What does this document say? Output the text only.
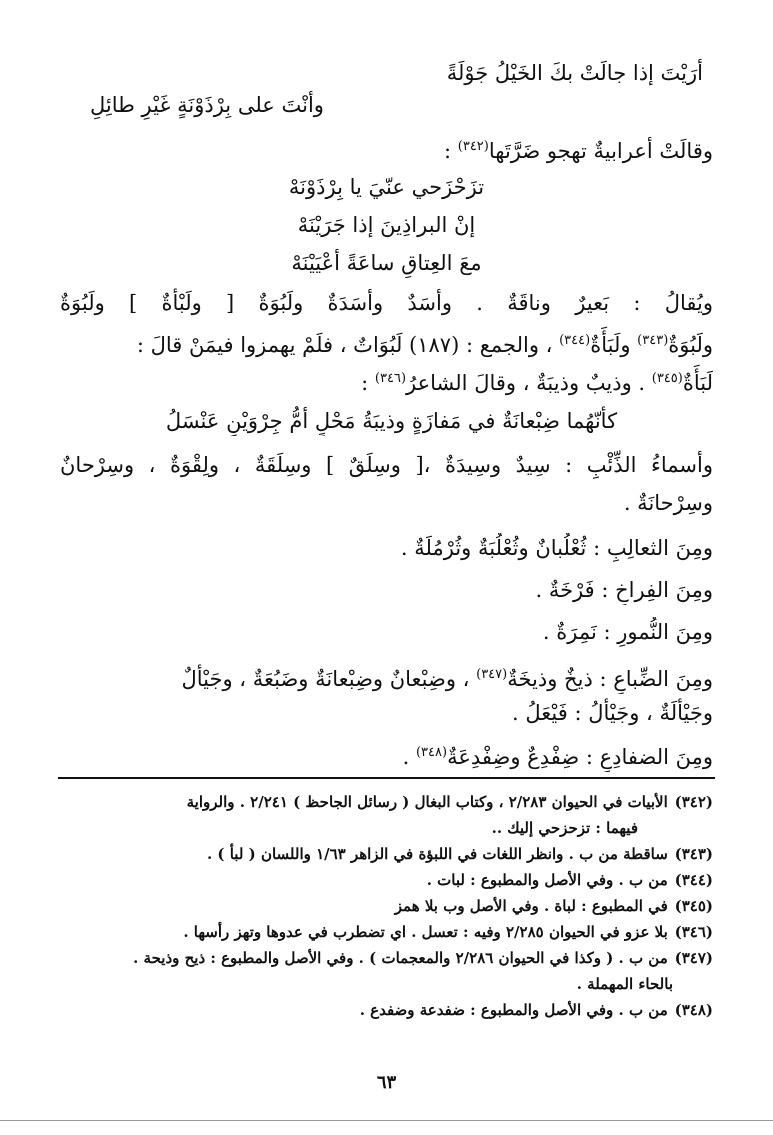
أرَيْتَ إذا جالَتْ بكَ الخَيْلُ جَوْلَةً
وأنْتَ على بِرْذَوْنَةٍ غَيْرِ طائِلِ
وقالَتْ أعرابيةٌ تهجو ضَرَّتَها$^{(٣٤٢)}$ :
تزَحْزَحي عنّيَ يا بِرْذَوْنَهْ
إنْ البراذِينَ إذا جَرَيْنَهْ
معَ العِتاقِ ساعَةً أعْيَيْنَهْ
ويُقالُ : بَعيرٌ وناقَةٌ . وأسَدٌ وأسَدَةٌ ولَبُوَةٌ [ ولَبْأَةٌ ] ولَبُوَةٌ
ولَبُوَةٌ$^{(٣٤٣)}$ ولَبَأَةٌ$^{(٣٤٤)}$ ، والجمع : (١٨٧) لَبُوَاتٌ ، فلَمْ يهمزوا فيمَنْ قالَ :
لَبَأَةٌ$^{(٣٤٥)}$ . وذيبٌ وذيبَةٌ ، وقالَ الشاعرُ$^{(٣٤٦)}$ :
كأنّهُما ضِبْعانَةٌ في مَفازَةٍ وذيبَةُ مَحْلٍ أمُّ جِرْوَيْنِ عَنْسَلُ
وأسماءُ الذِّئْبِ : سِيدٌ وسِيدَةٌ ،[ وسِلَقٌ ] وسِلَقَةٌ ، ولِقْوَةٌ ، وسِرْحانٌ
وسِرْحانَةٌ .
ومِنَ الثعالِبِ : ثُعْلُبانٌ وثُعْلُبَةٌ وثُرْمُلَةٌ .
ومِنَ الفِراخِ : فَرْخَةٌ .
ومِنَ النُّمورِ : نَمِرَةٌ .
ومِنَ الضِّباعِ : ذيخٌ وذيخَةٌ$^{(٣٤٧)}$ ، وضِبْعانٌ وضِبْعانَةٌ وضَبُعَةٌ ، وجَيْألٌ
وجَيْألَةٌ ، وجَيْألُ : فَيْعَلُ .
ومِنَ الضفادِعِ : ضِفْدِعٌ وضِفْدِعَةٌ$^{(٣٤٨)}$ .
(٣٤٢) الأبيات في الحيوان ٢/٢٨٣ ، وكتاب البغال ( رسائل الجاحظ ) ٢/٢٤١ . والرواية
فيهما : تزحزحي إليك ..
(٣٤٣) ساقطة من ب . وانظر اللغات في اللبؤة في الزاهر ١/٦٣ واللسان ( لبأ ) .
(٣٤٤) من ب . وفي الأصل والمطبوع : لبات .
(٣٤٥) في المطبوع : لباة . وفي الأصل وب بلا همز
(٣٤٦) بلا عزو في الحيوان ٢/٢٨٥ وفيه : تعسل . اي تضطرب في عدوها وتهز رأسها .
(٣٤٧) من ب . ( وكذا في الحيوان ٢/٢٨٦ والمعجمات ) . وفي الأصل والمطبوع : ذيح وذيحة .
بالحاء المهملة .
(٣٤٨) من ب . وفي الأصل والمطبوع : ضفدعة وضفدع .
٦٣
